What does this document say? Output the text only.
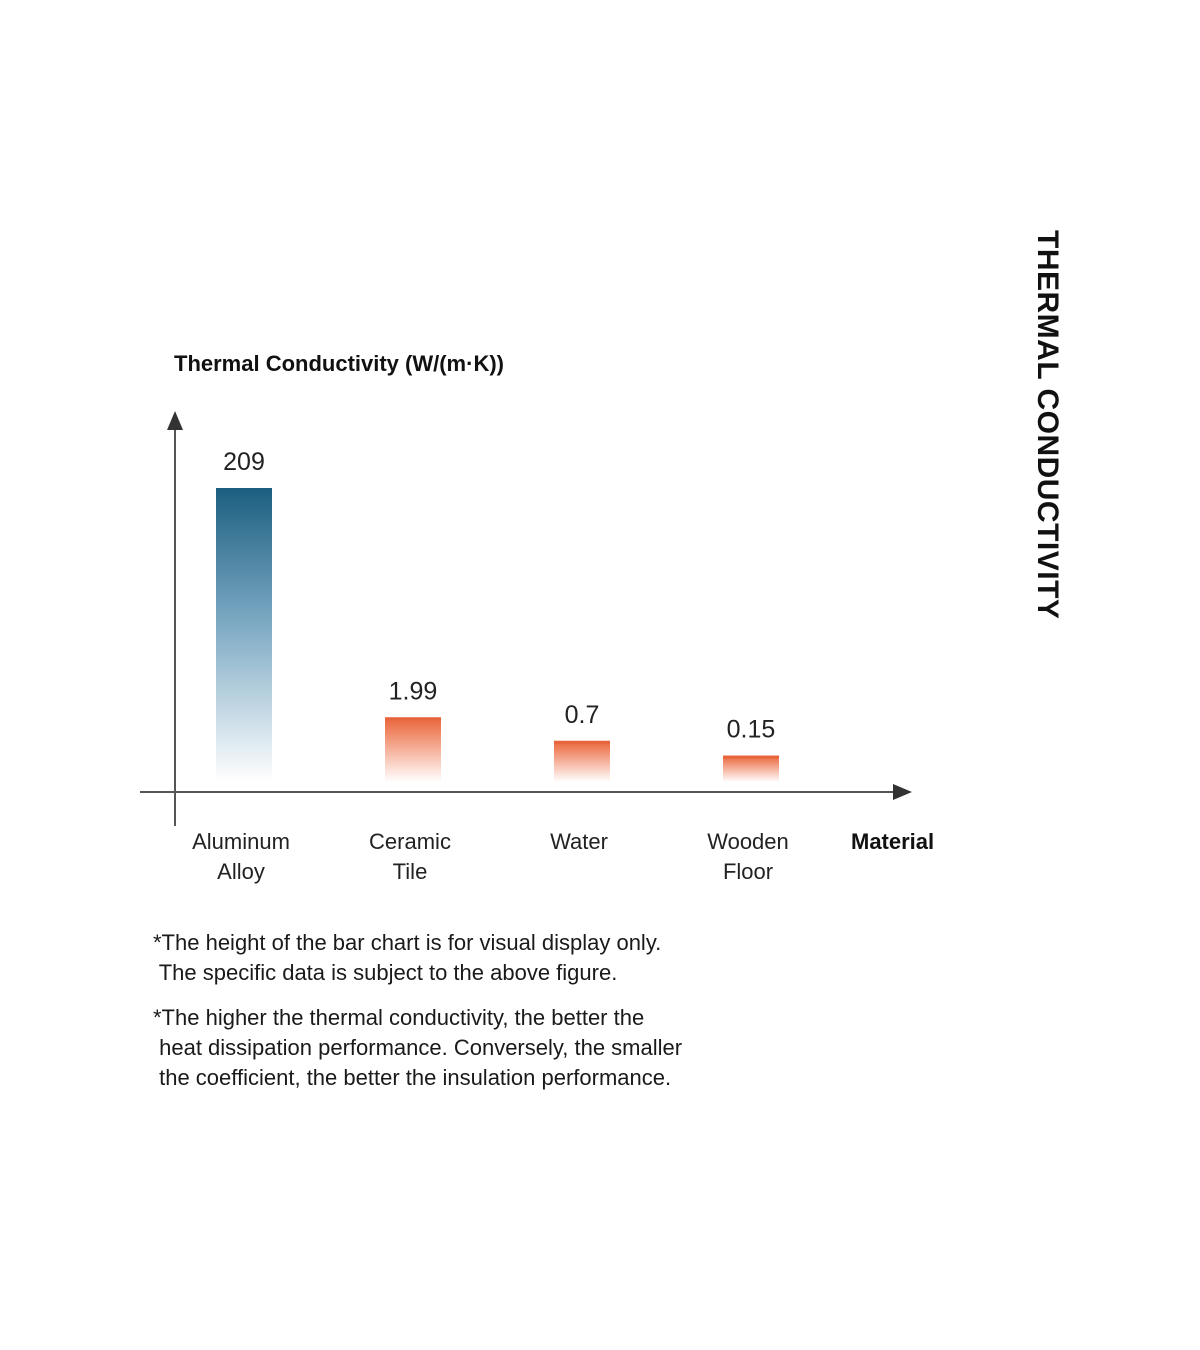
THERMAL CONDUCTIVITY
Thermal Conductivity (W/(m·K))
Material
209
1.99
0.7
0.15
Aluminum
Alloy
Ceramic
Tile
Water	Wooden
Floor
*The height of the bar chart is for visual display only.
The specific data is subject to the above figure.
*The higher the thermal conductivity, the better the
heat dissipation performance. Conversely, the smaller
the coefficient, the better the insulation performance.
